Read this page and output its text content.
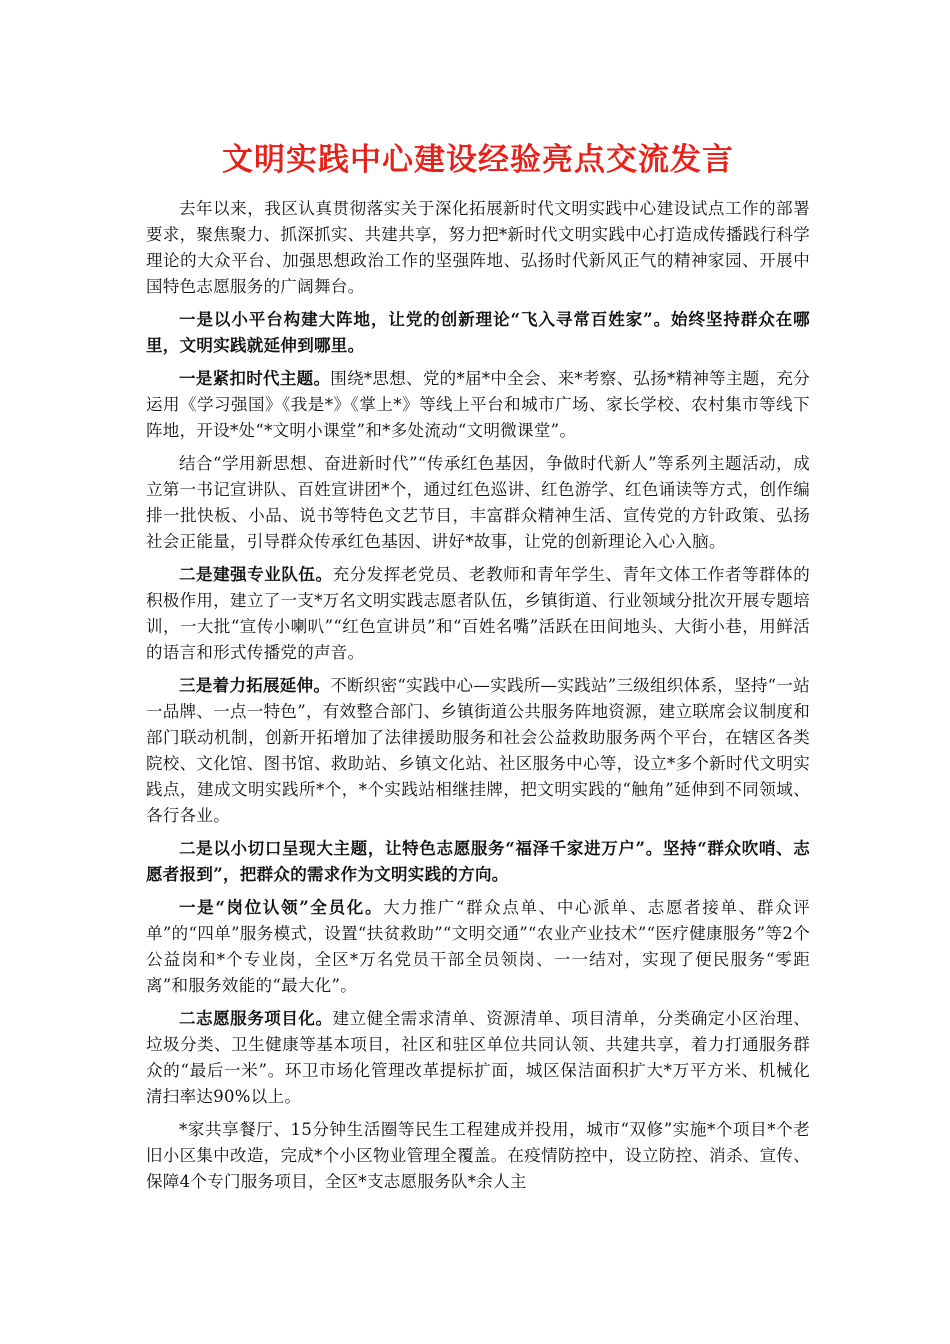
文明实践中心建设经验亮点交流发言

去年以来，我区认真贯彻落实关于深化拓展新时代文明实践中心建设试点工作的部署要求，聚焦聚力、抓深抓实、共建共享，努力把*新时代文明实践中心打造成传播践行科学理论的大众平台、加强思想政治工作的坚强阵地、弘扬时代新风正气的精神家园、开展中国特色志愿服务的广阔舞台。

一是以小平台构建大阵地，让党的创新理论“飞入寻常百姓家”。始终坚持群众在哪里，文明实践就延伸到哪里。

一是紧扣时代主题。围绕*思想、党的*届*中全会、来*考察、弘扬*精神等主题，充分运用《学习强国》《我是*》《掌上*》等线上平台和城市广场、家长学校、农村集市等线下阵地，开设*处“*文明小课堂”和*多处流动“文明微课堂”。

结合“学用新思想、奋进新时代”“传承红色基因，争做时代新人”等系列主题活动，成立第一书记宣讲队、百姓宣讲团*个，通过红色巡讲、红色游学、红色诵读等方式，创作编排一批快板、小品、说书等特色文艺节目，丰富群众精神生活、宣传党的方针政策、弘扬社会正能量，引导群众传承红色基因、讲好*故事，让党的创新理论入心入脑。

二是建强专业队伍。充分发挥老党员、老教师和青年学生、青年文体工作者等群体的积极作用，建立了一支*万名文明实践志愿者队伍，乡镇街道、行业领域分批次开展专题培训，一大批“宣传小喇叭”“红色宣讲员”和“百姓名嘴”活跃在田间地头、大街小巷，用鲜活的语言和形式传播党的声音。

三是着力拓展延伸。不断织密“实践中心—实践所—实践站”三级组织体系，坚持“一站一品牌、一点一特色”，有效整合部门、乡镇街道公共服务阵地资源，建立联席会议制度和部门联动机制，创新开拓增加了法律援助服务和社会公益救助服务两个平台，在辖区各类院校、文化馆、图书馆、救助站、乡镇文化站、社区服务中心等，设立*多个新时代文明实践点，建成文明实践所*个，*个实践站相继挂牌，把文明实践的“触角”延伸到不同领域、各行各业。

二是以小切口呈现大主题，让特色志愿服务“福泽千家进万户”。坚持“群众吹哨、志愿者报到”，把群众的需求作为文明实践的方向。

一是“岗位认领”全员化。大力推广“群众点单、中心派单、志愿者接单、群众评单”的“四单”服务模式，设置“扶贫救助”“文明交通”“农业产业技术”“医疗健康服务”等2个公益岗和*个专业岗，全区*万名党员干部全员领岗、一一结对，实现了便民服务“零距离”和服务效能的“最大化”。

二志愿服务项目化。建立健全需求清单、资源清单、项目清单，分类确定小区治理、垃圾分类、卫生健康等基本项目，社区和驻区单位共同认领、共建共享，着力打通服务群众的“最后一米”。环卫市场化管理改革提标扩面，城区保洁面积扩大*万平方米、机械化清扫率达90%以上。

*家共享餐厅、15分钟生活圈等民生工程建成并投用，城市“双修”实施*个项目*个老旧小区集中改造，完成*个小区物业管理全覆盖。在疫情防控中，设立防控、消杀、宣传、保障4个专门服务项目，全区*支志愿服务队*余人主
